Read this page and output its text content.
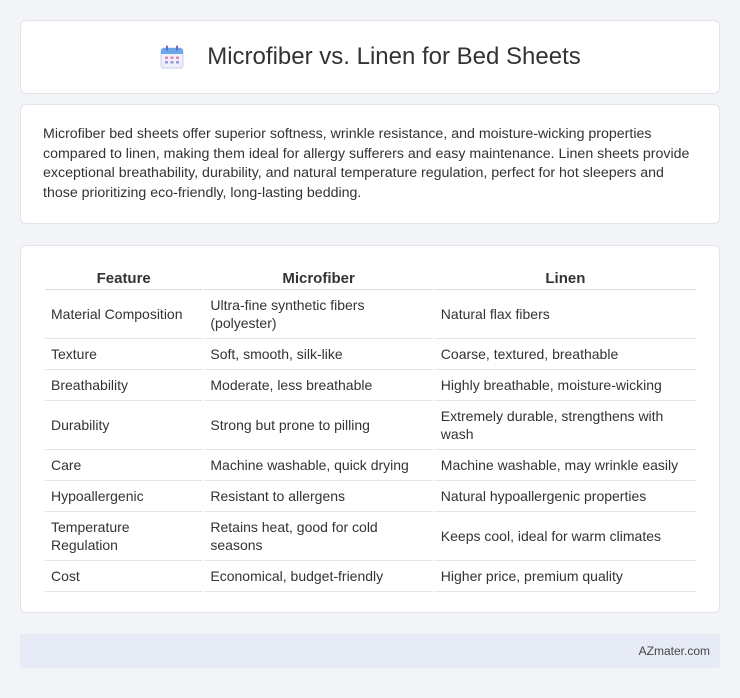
Microfiber vs. Linen for Bed Sheets

Microfiber bed sheets offer superior softness, wrinkle resistance, and moisture-wicking properties compared to linen, making them ideal for allergy sufferers and easy maintenance. Linen sheets provide exceptional breathability, durability, and natural temperature regulation, perfect for hot sleepers and those prioritizing eco-friendly, long-lasting bedding.

Feature	Microfiber	Linen
Material Composition	Ultra-fine synthetic fibers (polyester)	Natural flax fibers
Texture	Soft, smooth, silk-like	Coarse, textured, breathable
Breathability	Moderate, less breathable	Highly breathable, moisture-wicking
Durability	Strong but prone to pilling	Extremely durable, strengthens with wash
Care	Machine washable, quick drying	Machine washable, may wrinkle easily
Hypoallergenic	Resistant to allergens	Natural hypoallergenic properties
Temperature Regulation	Retains heat, good for cold seasons	Keeps cool, ideal for warm climates
Cost	Economical, budget-friendly	Higher price, premium quality
AZmater.com
